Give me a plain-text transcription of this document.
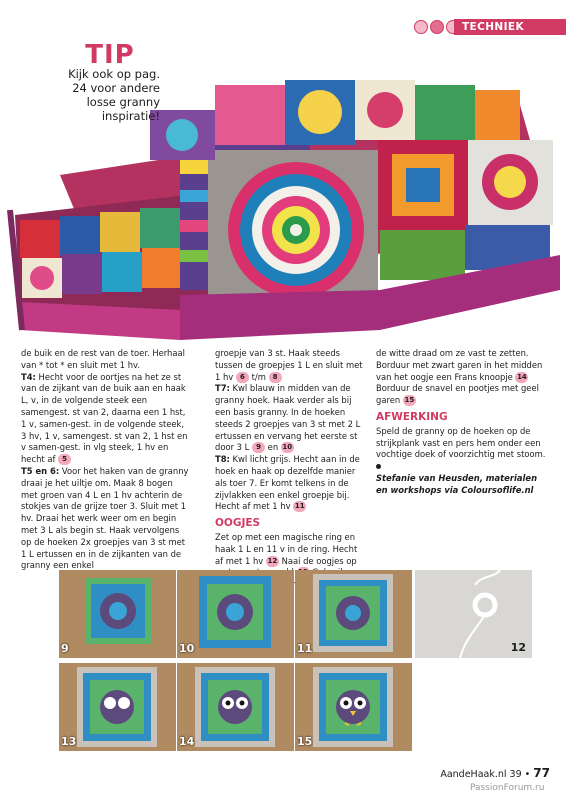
TECHNIEK
TIP
Kijk ook op pag. 24 voor andere losse granny inspiratie!

de buik en de rest van de toer. Herhaal van * tot * en sluit met 1 hv.

T4: Hecht voor de oortjes na het ze st van de zijkant van de buik aan en haak L, v, in de volgende steek een samengest. st van 2, daarna een 1 hst, 1 v, samen-gest. in de volgende steek, 3 hv, 1 v, samengest. st van 2, 1 hst en v samen-gest. in vlg steek, 1 hv en hecht af 5

T5 en 6: Voor het haken van de granny draai je het uiltje om. Maak 8 bogen met groen van 4 L en 1 hv achterin de stokjes van de grijze toer 3. Sluit met 1 hv. Draai het werk weer om en begin met 3 L als begin st. Haak vervolgens op de hoeken 2x groepjes van 3 st met 1 L ertussen en in de zijkanten van de granny een enkel

groepje van 3 st. Haak steeds tussen de groepjes 1 L en sluit met 1 hv 6 t/m 8

T7: Kwl blauw in midden van de granny hoek. Haak verder als bij een basis granny. In de hoeken steeds 2 groepjes van 3 st met 2 L ertussen en vervang het eerste st door 3 L 9 en 10

T8: Kwl licht grijs. Hecht aan in de hoek en haak op dezelfde manier als toer 7. Er komt telkens in de zijvlakken een enkel groepje bij. Hecht af met 1 hv 11

OOGJES

Zet op met een magische ring en haak 1 L en 11 v in de ring. Hecht af met 1 hv 12 Naai de oogjes op

de witte draad om ze vast te zetten. Borduur met zwart garen in het midden van het oogje een Frans knoopje 14 Borduur de snavel en pootjes met geel garen 15

AFWERKING

Speld de granny op de hoeken op de strijkplank vast en pers hem onder een vochtige doek of voorzichtig met stoom.

Stefanie van Heusden, materialen en workshops via Coloursoflife.nl

9	10	11	12
13	14	15
AandeHaak.nl 39 • 77
PassionForum.ru
